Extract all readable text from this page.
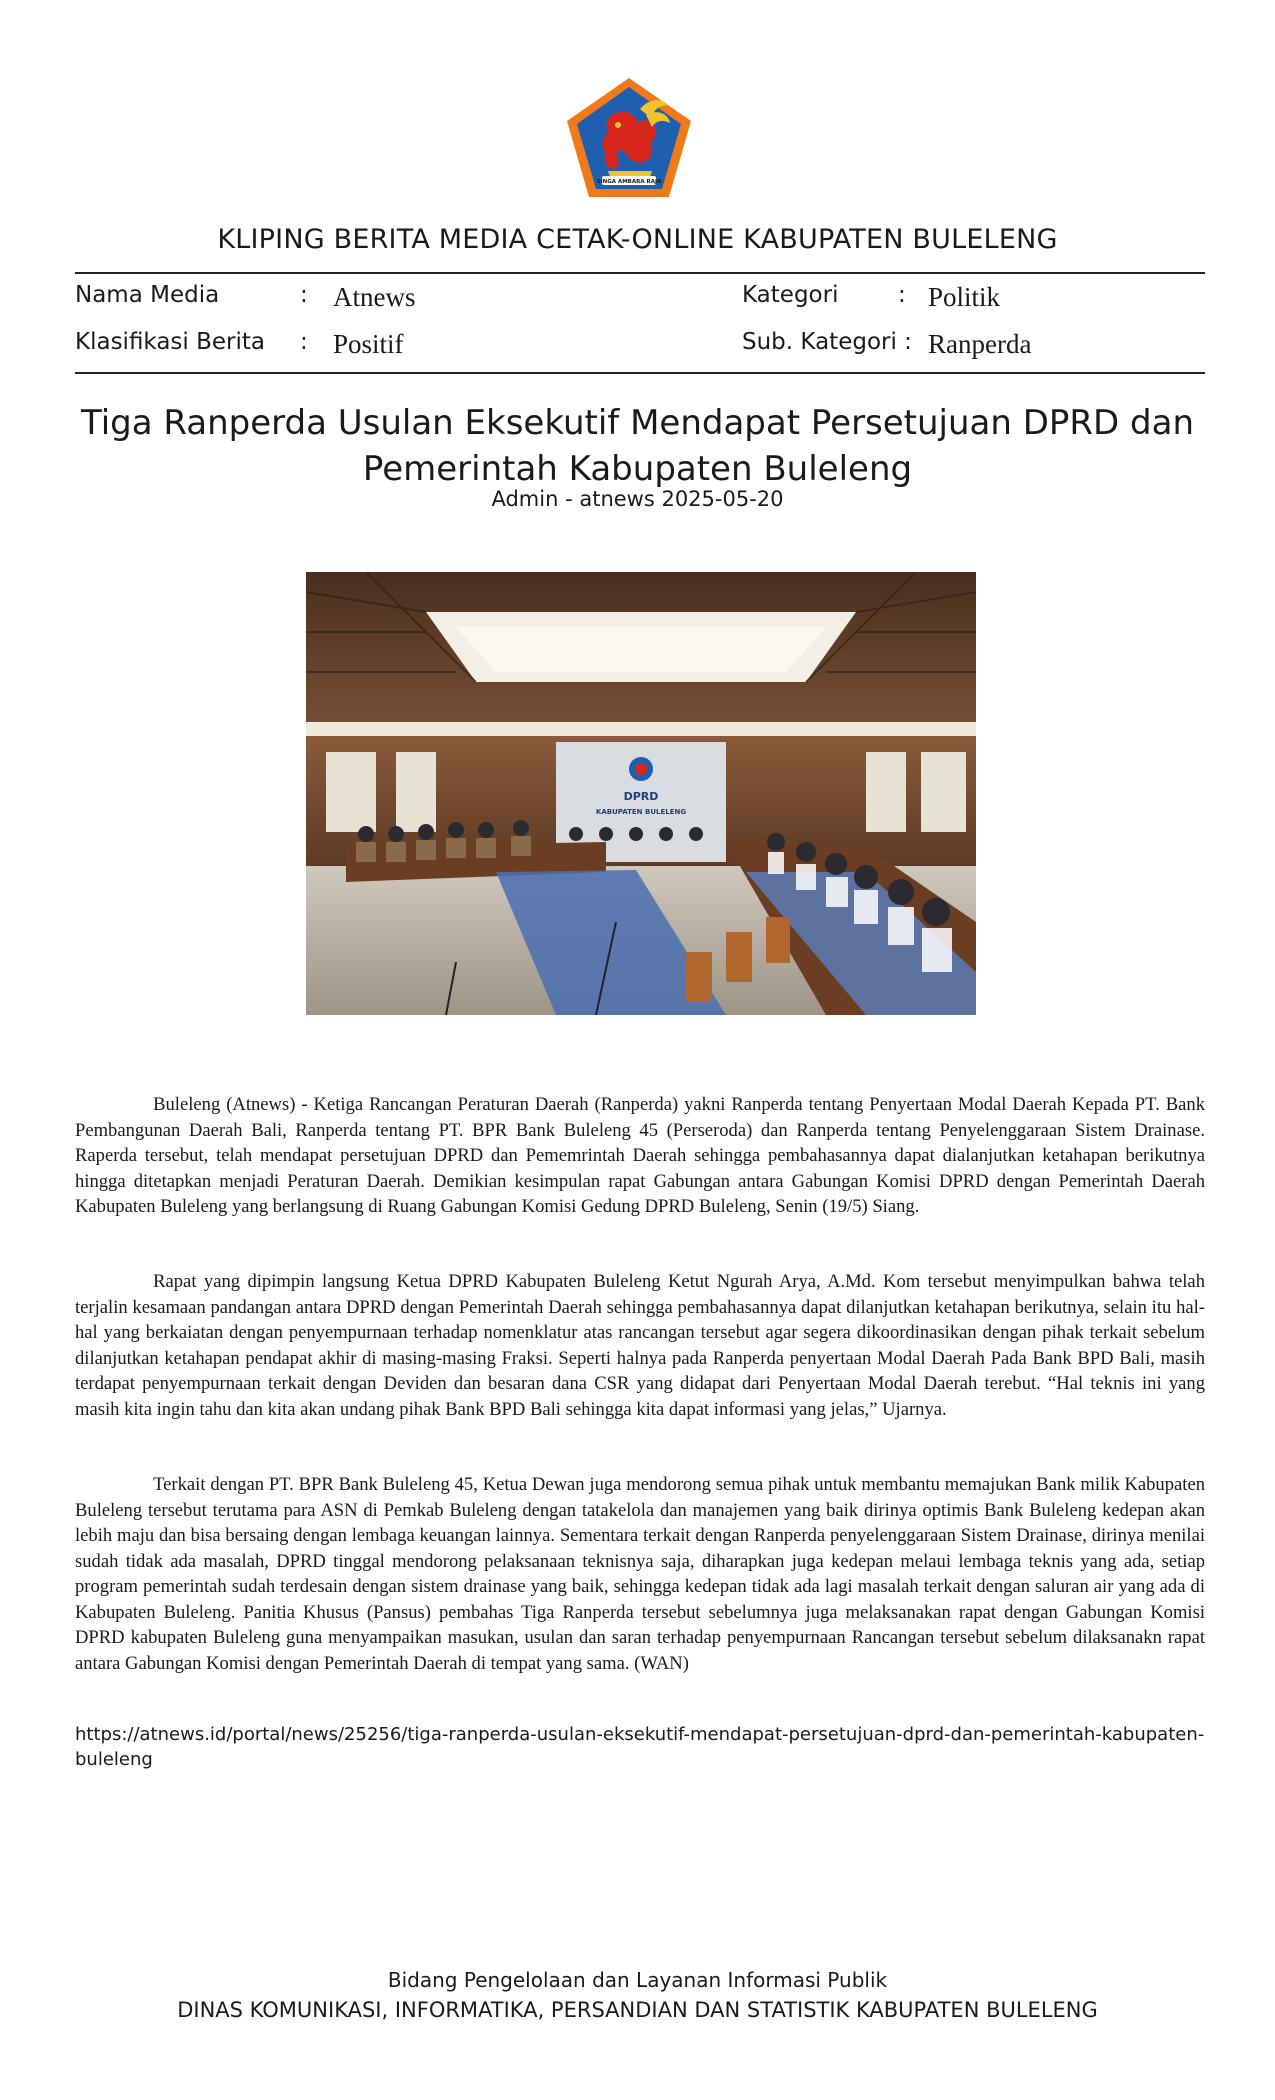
SINGA AMBARA RAJA
KLIPING BERITA MEDIA CETAK-ONLINE KABUPATEN BULELENG
Nama Media	: Atnews	Kategori	: Politik
Klasifikasi Berita : Positif	Sub. Kategori : Ranperda
Tiga Ranperda Usulan Eksekutif Mendapat Persetujuan DPRD dan Pemerintah Kabupaten Buleleng
Admin - atnews 2025-05-20
DPRD
KABUPATEN BULELENG

Buleleng (Atnews) - Ketiga Rancangan Peraturan Daerah (Ranperda) yakni Ranperda tentang Penyertaan Modal Daerah Kepada PT. Bank Pembangunan Daerah Bali, Ranperda tentang PT. BPR Bank Buleleng 45 (Perseroda) dan Ranperda tentang Penyelenggaraan Sistem Drainase. Raperda tersebut, telah mendapat persetujuan DPRD dan Pememrintah Daerah sehingga pembahasannya dapat dialanjutkan ketahapan berikutnya hingga ditetapkan menjadi Peraturan Daerah. Demikian kesimpulan rapat Gabungan antara Gabungan Komisi DPRD dengan Pemerintah Daerah Kabupaten Buleleng yang berlangsung di Ruang Gabungan Komisi Gedung DPRD Buleleng, Senin (19/5) Siang.

Rapat yang dipimpin langsung Ketua DPRD Kabupaten Buleleng Ketut Ngurah Arya, A.Md. Kom tersebut menyimpulkan bahwa telah terjalin kesamaan pandangan antara DPRD dengan Pemerintah Daerah sehingga pembahasannya dapat dilanjutkan ketahapan berikutnya, selain itu hal-hal yang berkaiatan dengan penyempurnaan terhadap nomenklatur atas rancangan tersebut agar segera dikoordinasikan dengan pihak terkait sebelum dilanjutkan ketahapan pendapat akhir di masing-masing Fraksi. Seperti halnya pada Ranperda penyertaan Modal Daerah Pada Bank BPD Bali, masih terdapat penyempurnaan terkait dengan Deviden dan besaran dana CSR yang didapat dari Penyertaan Modal Daerah terebut. “Hal teknis ini yang masih kita ingin tahu dan kita akan undang pihak Bank BPD Bali sehingga kita dapat informasi yang jelas,” Ujarnya.

Terkait dengan PT. BPR Bank Buleleng 45, Ketua Dewan juga mendorong semua pihak untuk membantu memajukan Bank milik Kabupaten Buleleng tersebut terutama para ASN di Pemkab Buleleng dengan tatakelola dan manajemen yang baik dirinya optimis Bank Buleleng kedepan akan lebih maju dan bisa bersaing dengan lembaga keuangan lainnya. Sementara terkait dengan Ranperda penyelenggaraan Sistem Drainase, dirinya menilai sudah tidak ada masalah, DPRD tinggal mendorong pelaksanaan teknisnya saja, diharapkan juga kedepan melaui lembaga teknis yang ada, setiap program pemerintah sudah terdesain dengan sistem drainase yang baik, sehingga kedepan tidak ada lagi masalah terkait dengan saluran air yang ada di Kabupaten Buleleng. Panitia Khusus (Pansus) pembahas Tiga Ranperda tersebut sebelumnya juga melaksanakan rapat dengan Gabungan Komisi DPRD kabupaten Buleleng guna menyampaikan masukan, usulan dan saran terhadap penyempurnaan Rancangan tersebut sebelum dilaksanakn rapat antara Gabungan Komisi dengan Pemerintah Daerah di tempat yang sama. (WAN)

https://atnews.id/portal/news/25256/tiga-ranperda-usulan-eksekutif-mendapat-persetujuan-dprd-dan-pemerintah-kabupaten-buleleng
Bidang Pengelolaan dan Layanan Informasi Publik
DINAS KOMUNIKASI, INFORMATIKA, PERSANDIAN DAN STATISTIK KABUPATEN BULELENG
